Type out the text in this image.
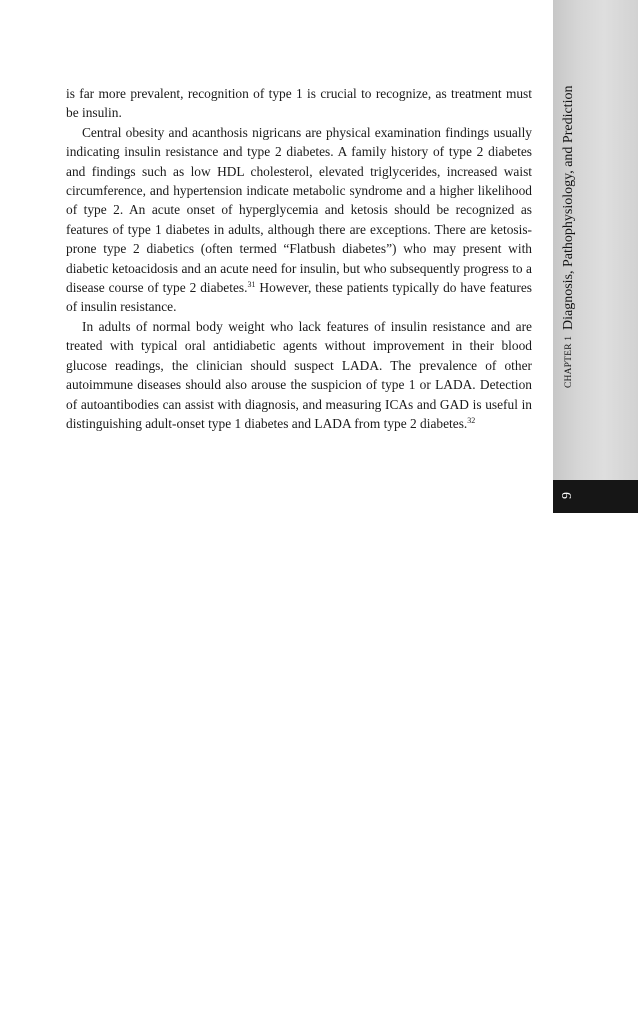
is far more prevalent, recognition of type 1 is crucial to recognize, as treatment must be insulin.

Central obesity and acanthosis nigricans are physical examination findings usually indicating insulin resistance and type 2 diabetes. A family history of type 2 diabetes and findings such as low HDL cholesterol, elevated triglycerides, increased waist circumference, and hypertension indicate metabolic syndrome and a higher likelihood of type 2. An acute onset of hyperglycemia and ketosis should be recognized as features of type 1 diabetes in adults, although there are exceptions. There are ketosis-prone type 2 diabetics (often termed “Flatbush diabetes”) who may present with diabetic ketoacidosis and an acute need for insulin, but who subsequently progress to a disease course of type 2 diabetes.$^{31}$ However, these patients typically do have features of insulin resistance.

In adults of normal body weight who lack features of insulin resistance and are treated with typical oral antidiabetic agents without improvement in their blood glucose readings, the clinician should suspect LADA. The prevalence of other autoimmune diseases should also arouse the suspicion of type 1 or LADA. Detection of autoantibodies can assist with diagnosis, and measuring ICAs and GAD is useful in distinguishing adult-onset type 1 diabetes and LADA from type 2 diabetes.$^{32}$

CHAPTER 1
Diagnosis, Pathophysiology, and Prediction
9
